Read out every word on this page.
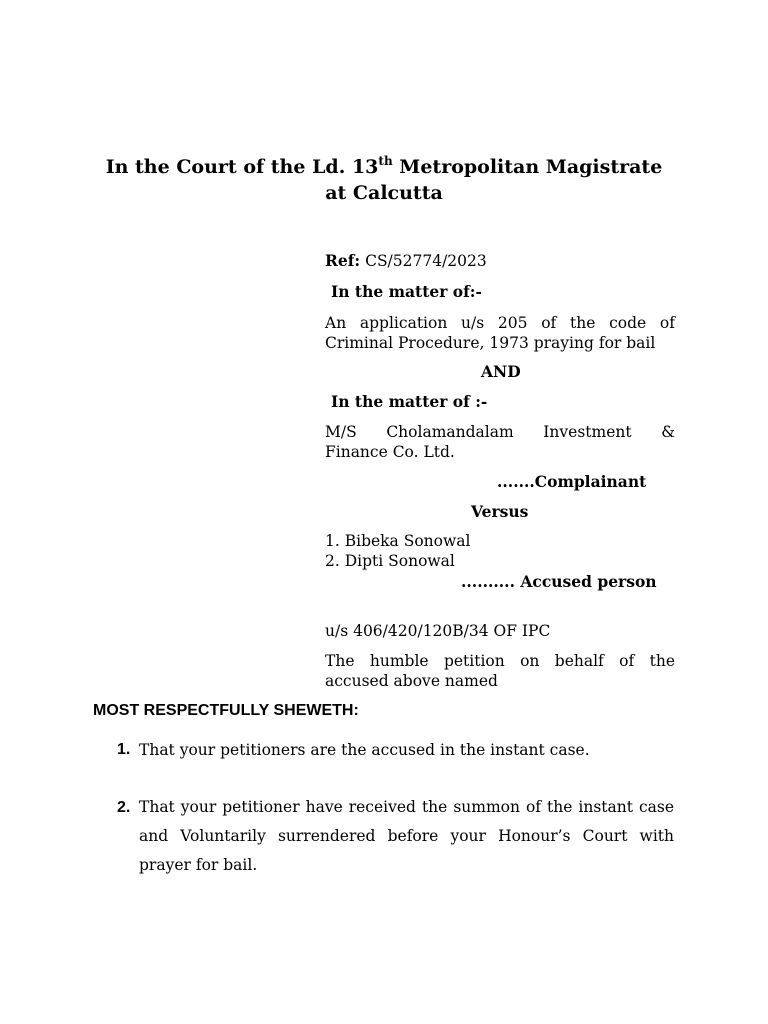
In the Court of the Ld. 13th Metropolitan Magistrate
at Calcutta
Ref: CS/52774/2023
In the matter of:-
An application u/s 205 of the code of
Criminal Procedure, 1973 praying for bail
AND
In the matter of :-
M/S Cholamandalam Investment &
Finance Co. Ltd.
.......Complainant
Versus
1. Bibeka Sonowal
2. Dipti Sonowal
.......... Accused person
u/s 406/420/120B/34 OF IPC
The humble petition on behalf of the
accused above named
MOST RESPECTFULLY SHEWETH:
1. That your petitioners are the accused in the instant case.
2. That your petitioner have received the summon of the instant case and Voluntarily surrendered before your Honour’s Court with prayer for bail.
